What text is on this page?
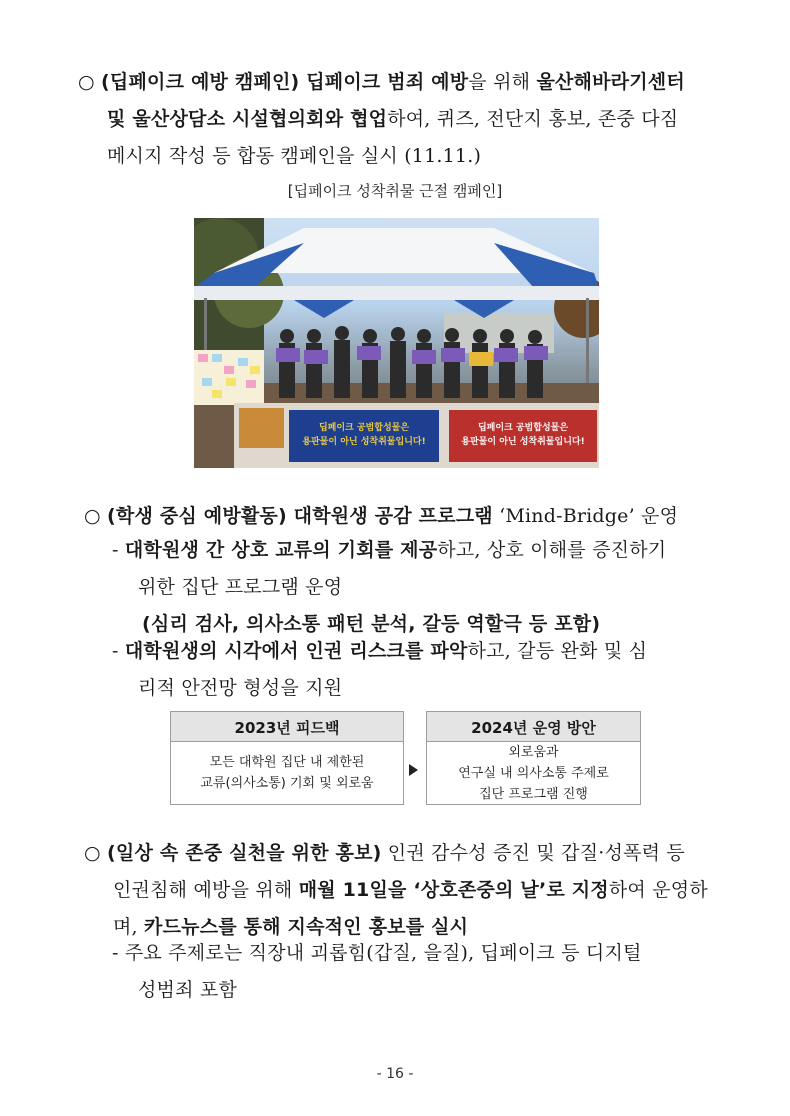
○ (딥페이크 예방 캠페인) 딥페이크 범죄 예방을 위해 울산해바라기센터
및 울산상담소 시설협의회와 협업하여, 퀴즈, 전단지 홍보, 존중 다짐
메시지 작성 등 합동 캠페인을 실시 (11.11.)
[딥페이크 성착취물 근절 캠페인]
딥페이크 공범합성물은
용판물이 아닌 성착취물입니다!
딥페이크 공범합성물은
용판물이 아닌 성착취물입니다!
○ (학생 중심 예방활동) 대학원생 공감 프로그램 ‘Mind-Bridge’ 운영
- 대학원생 간 상호 교류의 기회를 제공하고, 상호 이해를 증진하기
위한 집단 프로그램 운영
(심리 검사, 의사소통 패턴 분석, 갈등 역할극 등 포함)
- 대학원생의 시각에서 인권 리스크를 파악하고, 갈등 완화 및 심
리적 안전망 형성을 지원
2023년 피드백
모든 대학원 집단 내 제한된
교류(의사소통) 기회 및 외로움
2024년 운영 방안
외로움과
연구실 내 의사소통 주제로
집단 프로그램 진행
○ (일상 속 존중 실천을 위한 홍보) 인권 감수성 증진 및 갑질·성폭력 등
인권침해 예방을 위해 매월 11일을 ‘상호존중의 날’로 지정하여 운영하
며, 카드뉴스를 통해 지속적인 홍보를 실시
- 주요 주제로는 직장내 괴롭힘(갑질, 을질), 딥페이크 등 디지털
성범죄 포함
- 16 -
